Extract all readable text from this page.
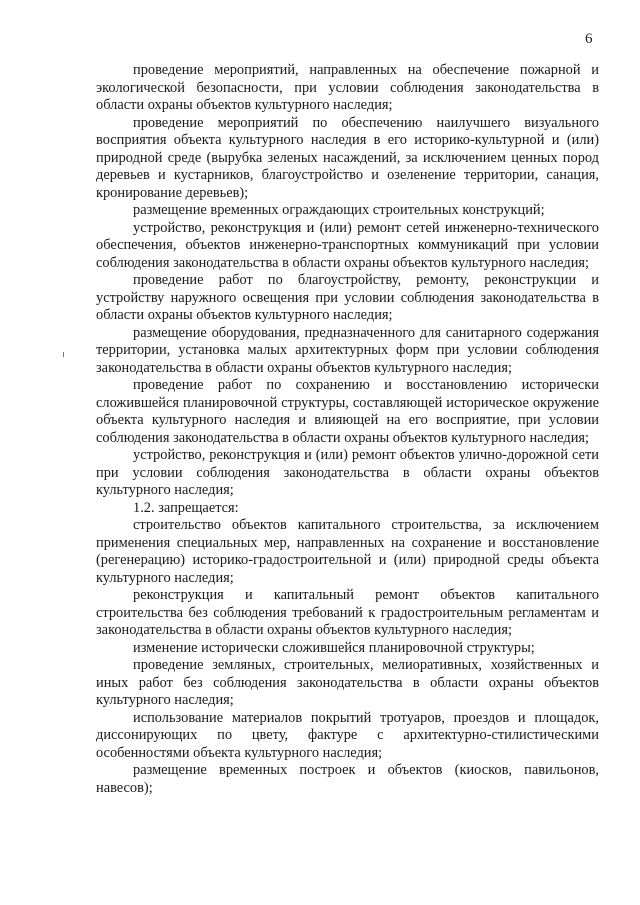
6

проведение мероприятий, направленных на обеспечение пожарной и экологической безопасности, при условии соблюдения законодательства в области охраны объектов культурного наследия;

проведение мероприятий по обеспечению наилучшего визуального восприятия объекта культурного наследия в его историко-культурной и (или) природной среде (вырубка зеленых насаждений, за исключением ценных пород деревьев и кустарников, благоустройство и озеленение территории, санация, кронирование деревьев);

размещение временных ограждающих строительных конструкций;

устройство, реконструкция и (или) ремонт сетей инженерно-технического обеспечения, объектов инженерно-транспортных коммуникаций при условии соблюдения законодательства в области охраны объектов культурного наследия;

проведение работ по благоустройству, ремонту, реконструкции и устройству наружного освещения при условии соблюдения законодательства в области охраны объектов культурного наследия;

размещение оборудования, предназначенного для санитарного содержания территории, установка малых архитектурных форм при условии соблюдения законодательства в области охраны объектов культурного наследия;

проведение работ по сохранению и восстановлению исторически сложившейся планировочной структуры, составляющей историческое окружение объекта культурного наследия и влияющей на его восприятие, при условии соблюдения законодательства в области охраны объектов культурного наследия;

устройство, реконструкция и (или) ремонт объектов улично-дорожной сети при условии соблюдения законодательства в области охраны объектов культурного наследия;

1.2. запрещается:

строительство объектов капитального строительства, за исключением применения специальных мер, направленных на сохранение и восстановление (регенерацию) историко-градостроительной и (или) природной среды объекта культурного наследия;

реконструкция и капитальный ремонт объектов капитального строительства без соблюдения требований к градостроительным регламентам и законодательства в области охраны объектов культурного наследия;

изменение исторически сложившейся планировочной структуры;

проведение земляных, строительных, мелиоративных, хозяйственных и иных работ без соблюдения законодательства в области охраны объектов культурного наследия;

использование материалов покрытий тротуаров, проездов и площадок, диссонирующих по цвету, фактуре с архитектурно-стилистическими особенностями объекта культурного наследия;

размещение временных построек и объектов (киосков, павильонов, навесов);
